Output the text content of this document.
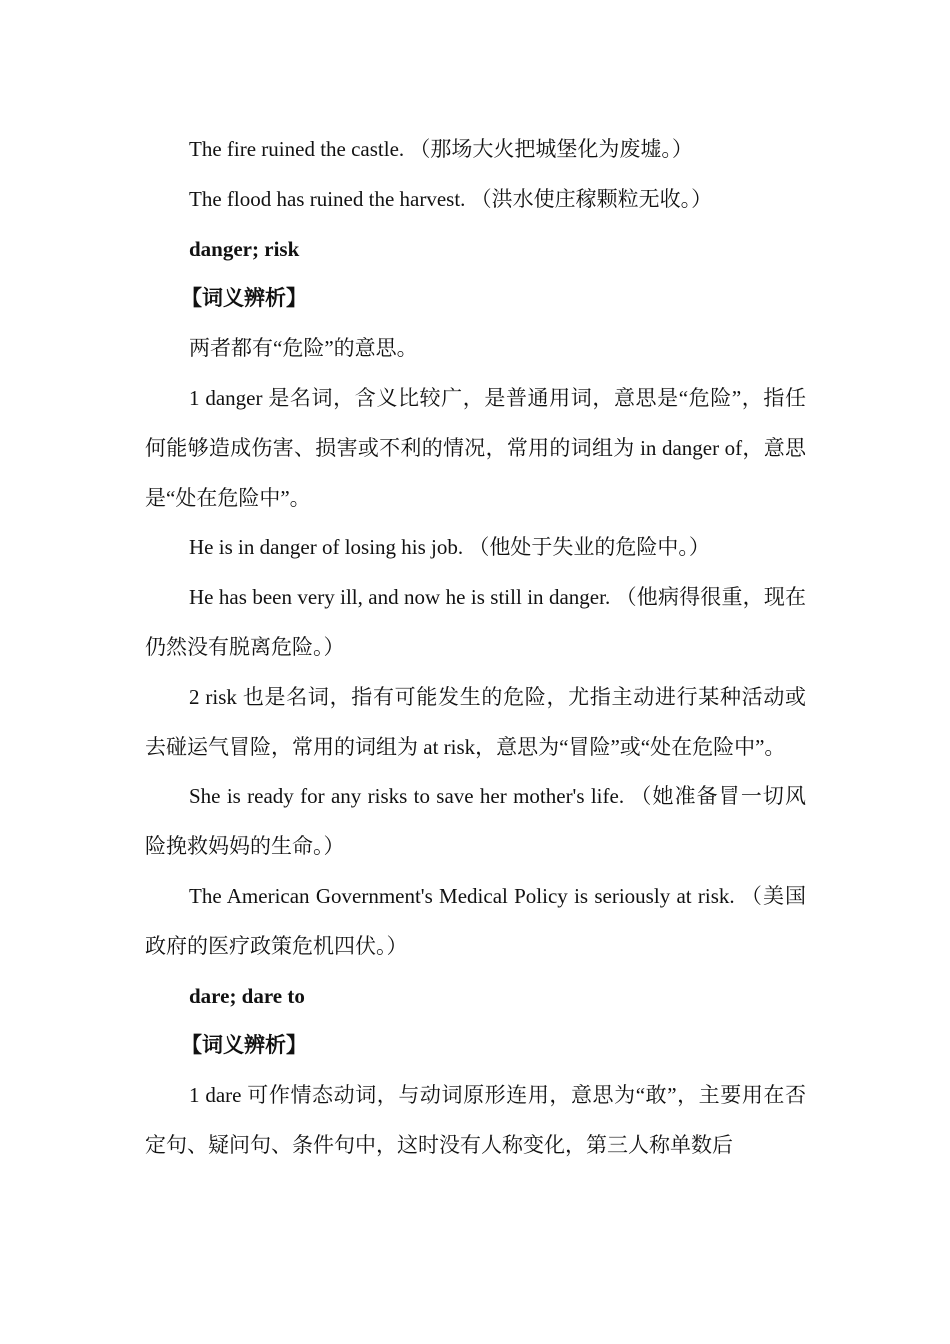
The fire ruined the castle. （那场大火把城堡化为废墟。）

The flood has ruined the harvest. （洪水使庄稼颗粒无收。）

danger; risk

【词义辨析】

两者都有“危险”的意思。

1 danger 是名词，含义比较广，是普通用词，意思是“危险”，指任何能够造成伤害、损害或不利的情况，常用的词组为 in danger of，意思是“处在危险中”。

He is in danger of losing his job. （他处于失业的危险中。）

He has been very ill, and now he is still in danger. （他病得很重，现在仍然没有脱离危险。）

2 risk 也是名词，指有可能发生的危险，尤指主动进行某种活动或去碰运气冒险，常用的词组为 at risk，意思为“冒险”或“处在危险中”。

She is ready for any risks to save her mother's life. （她准备冒一切风险挽救妈妈的生命。）

The American Government's Medical Policy is seriously at risk. （美国政府的医疗政策危机四伏。）

dare; dare to

【词义辨析】

1 dare 可作情态动词，与动词原形连用，意思为“敢”，主要用在否定句、疑问句、条件句中，这时没有人称变化，第三人称单数后
